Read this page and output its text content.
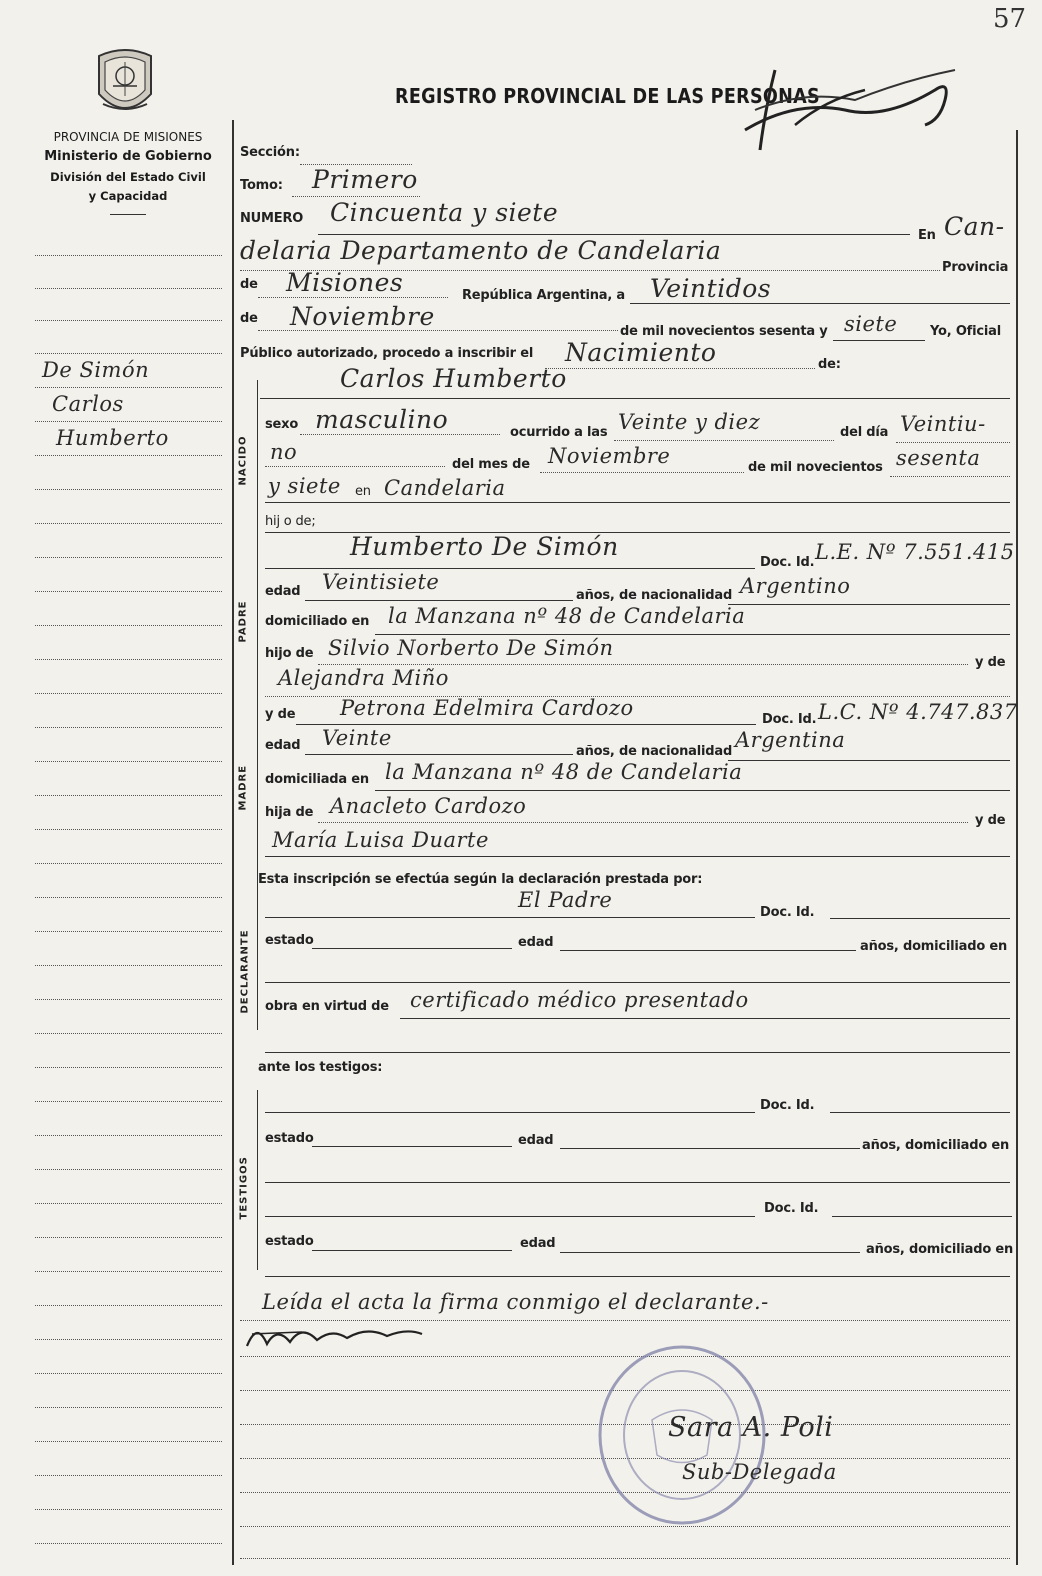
57
PROVINCIA DE MISIONES
Ministerio de Gobierno
División del Estado Civil
y Capacidad
REGISTRO PROVINCIAL DE LAS PERSONAS
De Simón
Carlos
Humberto
Sección:
Tomo: Primero
NUMERO Cincuenta y siete
En Can-
delaria Departamento de Candelaria
Provincia
de Misiones	República Argentina, a Veintidos
de Noviembre
de mil novecientos sesenta y siete	Yo, Oficial
Público autorizado, procedo a inscribir el Nacimiento	de:
NACIDO
Carlos Humberto
sexo masculino	ocurrido a las Veinte y diez	del día Veintiu-
no
del mes de Noviembre	de mil novecientos sesenta
y siete en Candelaria
hij o de;
PADRE
Humberto De Simón
Doc. Id. L.E. Nº 7.551.415
edad Veintisiete
años, de nacionalidad Argentino
domiciliado en la Manzana nº 48 de Candelaria
hijo de Silvio Norberto De Simón
y de
Alejandra Miño
MADRE
y de Petrona Edelmira Cardozo	Doc. Id. L.C. Nº 4.747.837
edad Veinte
años, de nacionalidad Argentina
domiciliada en la Manzana nº 48 de Candelaria
hija de Anacleto Cardozo
y de
María Luisa Duarte
Esta inscripción se efectúa según la declaración prestada por:
DECLARANTE
El Padre
Doc. Id.
estado	edad	años, domiciliado en
obra en virtud de certificado médico presentado
ante los testigos:
TESTIGOS
Doc. Id.
estado	edad	años, domiciliado en
Doc. Id.
estado	edad	años, domiciliado en
Leída el acta la firma conmigo el declarante.-
Sara A. Poli
Sub-Delegada
